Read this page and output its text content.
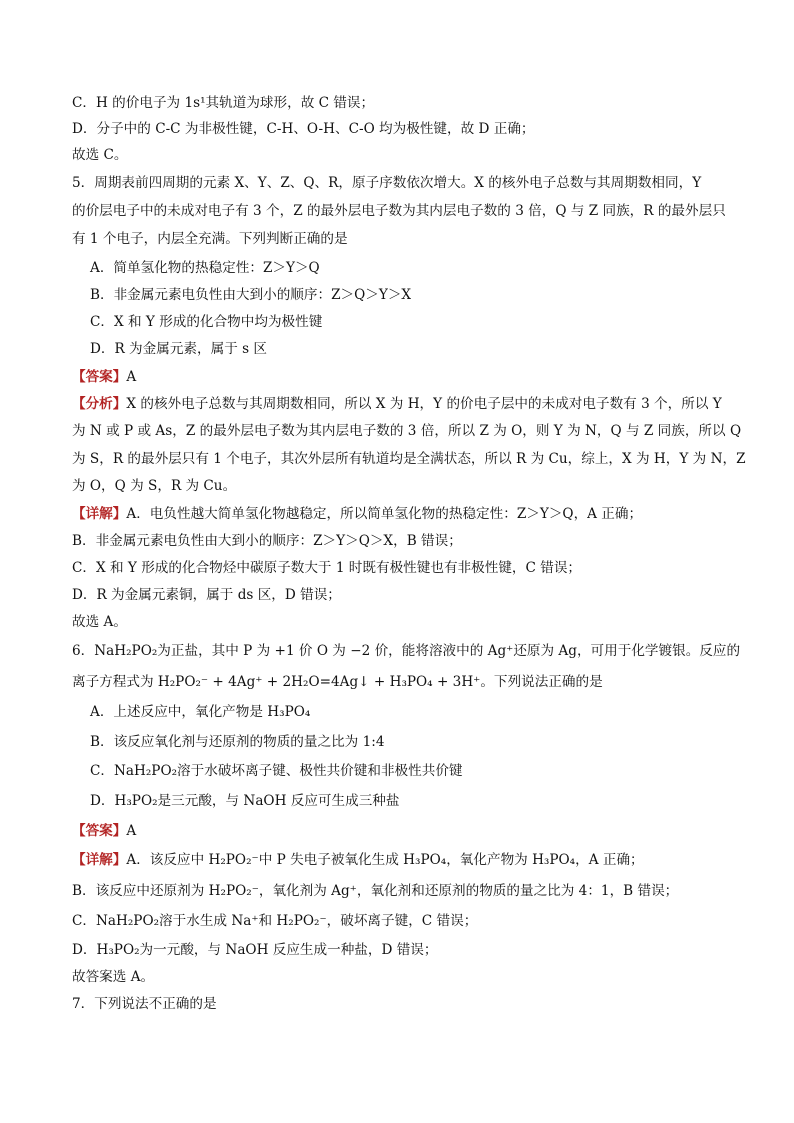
C．H 的价电子为 1s¹其轨道为球形，故 C 错误；
D．分子中的 C-C 为非极性键，C-H、O-H、C-O 均为极性键，故 D 正确；
故选 C。
5．周期表前四周期的元素 X、Y、Z、Q、R，原子序数依次增大。X 的核外电子总数与其周期数相同，Y
的价层电子中的未成对电子有 3 个，Z 的最外层电子数为其内层电子数的 3 倍，Q 与 Z 同族，R 的最外层只
有 1 个电子，内层全充满。下列判断正确的是
A．简单氢化物的热稳定性：Z＞Y＞Q
B．非金属元素电负性由大到小的顺序：Z＞Q＞Y＞X
C．X 和 Y 形成的化合物中均为极性键
D．R 为金属元素，属于 s 区
【答案】A
【分析】X 的核外电子总数与其周期数相同，所以 X 为 H，Y 的价电子层中的未成对电子数有 3 个，所以 Y
为 N 或 P 或 As，Z 的最外层电子数为其内层电子数的 3 倍，所以 Z 为 O，则 Y 为 N，Q 与 Z 同族，所以 Q
为 S，R 的最外层只有 1 个电子，其次外层所有轨道均是全满状态，所以 R 为 Cu，综上，X 为 H，Y 为 N，Z
为 O，Q 为 S，R 为 Cu。
【详解】A．电负性越大简单氢化物越稳定，所以简单氢化物的热稳定性：Z＞Y＞Q，A 正确；
B．非金属元素电负性由大到小的顺序：Z＞Y＞Q＞X，B 错误；
C．X 和 Y 形成的化合物烃中碳原子数大于 1 时既有极性键也有非极性键，C 错误；
D．R 为金属元素铜，属于 ds 区，D 错误；
故选 A。
6．NaH₂PO₂为正盐，其中 P 为 +1 价 O 为 −2 价，能将溶液中的 Ag⁺还原为 Ag，可用于化学镀银。反应的
离子方程式为 H₂PO₂⁻ + 4Ag⁺ + 2H₂O=4Ag↓ + H₃PO₄ + 3H⁺。下列说法正确的是
A．上述反应中，氧化产物是 H₃PO₄
B．该反应氧化剂与还原剂的物质的量之比为 1:4
C．NaH₂PO₂溶于水破坏离子键、极性共价键和非极性共价键
D．H₃PO₂是三元酸，与 NaOH 反应可生成三种盐
【答案】A
【详解】A．该反应中 H₂PO₂⁻中 P 失电子被氧化生成 H₃PO₄，氧化产物为 H₃PO₄，A 正确；
B．该反应中还原剂为 H₂PO₂⁻，氧化剂为 Ag⁺，氧化剂和还原剂的物质的量之比为 4：1，B 错误；
C．NaH₂PO₂溶于水生成 Na⁺和 H₂PO₂⁻，破坏离子键，C 错误；
D．H₃PO₂为一元酸，与 NaOH 反应生成一种盐，D 错误；
故答案选 A。
7．下列说法不正确的是
